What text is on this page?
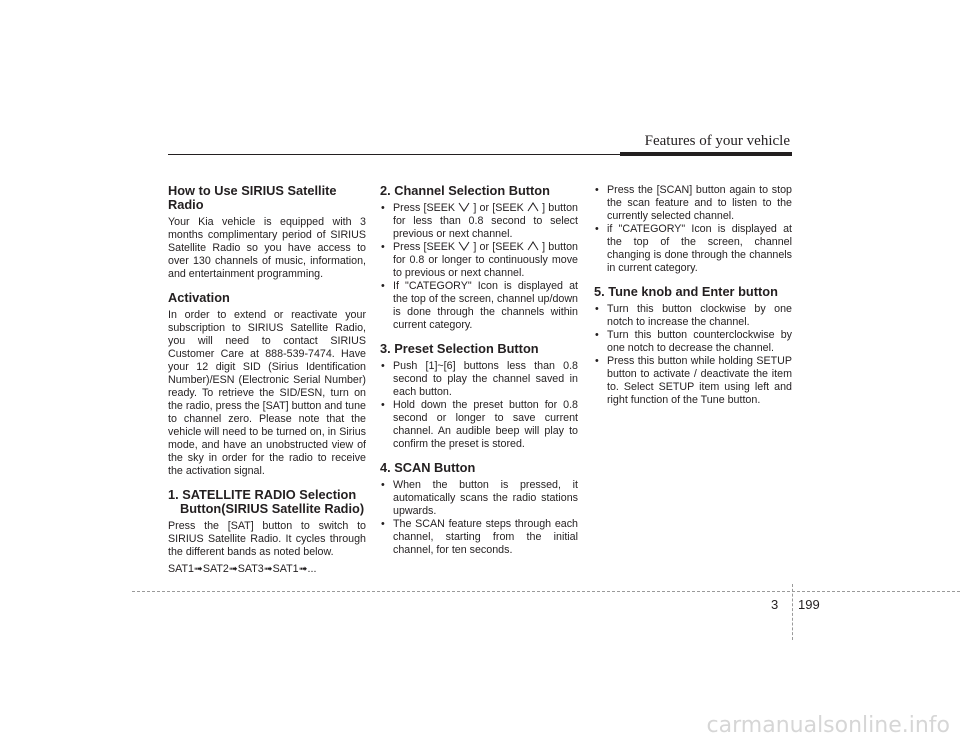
Features of your vehicle
How to Use SIRIUS Satellite Radio

Your Kia vehicle is equipped with 3 months complimentary period of SIRIUS Satellite Radio so you have access to over 130 channels of music, information, and entertainment programming.

Activation

In order to extend or reactivate your subscription to SIRIUS Satellite Radio, you will need to contact SIRIUS Customer Care at 888-539-7474. Have your 12 digit SID (Sirius Identification Number)/ESN (Electronic Serial Number) ready. To retrieve the SID/ESN, turn on the radio, press the [SAT] button and tune to channel zero. Please note that the vehicle will need to be turned on, in Sirius mode, and have an unobstructed view of the sky in order for the radio to receive the activation signal.

1. SATELLITE RADIO Selection Button(SIRIUS Satellite Radio)

Press the [SAT] button to switch to SIRIUS Satellite Radio. It cycles through the different bands as noted below.

SAT1➟SAT2➟SAT3➟SAT1➟...

2. Channel Selection Button
• Press [SEEK  ] or [SEEK  ] button for less than 0.8 second to select previous or next channel.
• Press [SEEK  ] or [SEEK  ] button for 0.8 or longer to continuously move to previous or next channel.
• If "CATEGORY" Icon is displayed at the top of the screen, channel up/down is done through the channels within current category.
3. Preset Selection Button
• Push [1]~[6] buttons less than 0.8 second to play the channel saved in each button.
• Hold down the preset button for 0.8 second or longer to save current channel. An audible beep will play to confirm the preset is stored.
4. SCAN Button
• When the button is pressed, it automatically scans the radio stations upwards.
• The SCAN feature steps through each channel, starting from the initial channel, for ten seconds.
• Press the [SCAN] button again to stop the scan feature and to listen to the currently selected channel.
• if "CATEGORY" Icon is displayed at the top of the screen, channel changing is done through the channels in current category.
5. Tune knob and Enter button
• Turn this button clockwise by one notch to increase the channel.
• Turn this button counterclockwise by one notch to decrease the channel.
• Press this button while holding SETUP button to activate / deactivate the item to. Select SETUP item using left and right function of the Tune button.
3 199
carmanualsonline.info
